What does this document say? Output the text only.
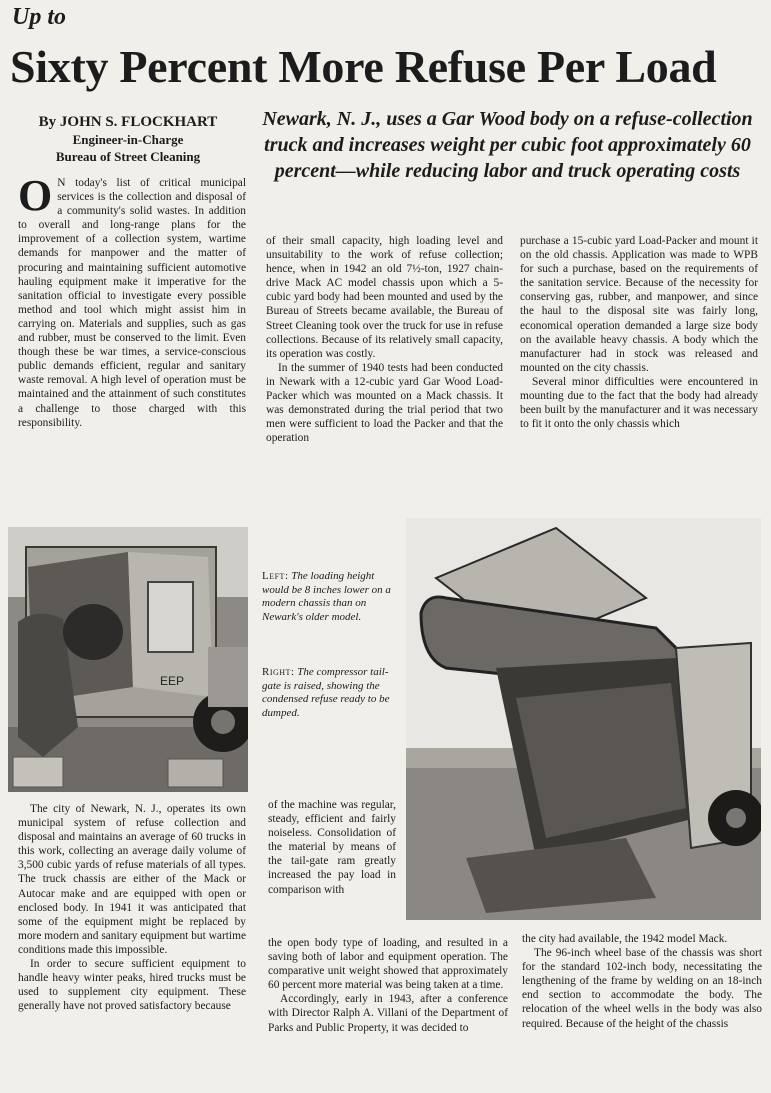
Up to
Sixty Percent More Refuse Per Load
By JOHN S. FLOCKHART
Engineer-in-Charge
Bureau of Street Cleaning
Newark, N. J., uses a Gar Wood body on a refuse-collection truck and increases weight per cubic foot approximately 60 percent—while reducing labor and truck operating costs

O N today's list of critical municipal services is the collection and disposal of a community's solid wastes. In addition to overall and long-range plans for the improvement of a collection system, wartime demands for manpower and the matter of procuring and maintaining sufficient automotive hauling equipment make it imperative for the sanitation official to investigate every possible method and tool which might assist him in carrying on. Materials and supplies, such as gas and rubber, must be conserved to the limit. Even though these be war times, a service-conscious public demands efficient, regular and sanitary waste removal. A high level of operation must be maintained and the attainment of such constitutes a challenge to those charged with this responsibility.

of their small capacity, high loading level and unsuitability to the work of refuse collection; hence, when in 1942 an old 7½-ton, 1927 chain-drive Mack AC model chassis upon which a 5-cubic yard body had been mounted and used by the Bureau of Streets became available, the Bureau of Street Cleaning took over the truck for use in refuse collections. Because of its relatively small capacity, its operation was costly.

In the summer of 1940 tests had been conducted in Newark with a 12-cubic yard Gar Wood Load-Packer which was mounted on a Mack chassis. It was demonstrated during the trial period that two men were sufficient to load the Packer and that the operation

purchase a 15-cubic yard Load-Packer and mount it on the old chassis. Application was made to WPB for such a purchase, based on the requirements of the sanitation service. Because of the necessity for conserving gas, rubber, and manpower, and since the haul to the disposal site was fairly long, economical operation demanded a large size body on the available heavy chassis. A body which the manufacturer had in stock was released and mounted on the city chassis.

Several minor difficulties were encountered in mounting due to the fact that the body had already been built by the manufacturer and it was necessary to fit it onto the only chassis which

EEP
Left: The loading height would be 8 inches lower on a modern chassis than on Newark's older model.
Right: The compressor tail-gate is raised, showing the condensed refuse ready to be dumped.

The city of Newark, N. J., operates its own municipal system of refuse collection and disposal and maintains an average of 60 trucks in this work, collecting an average daily volume of 3,500 cubic yards of refuse materials of all types. The truck chassis are either of the Mack or Autocar make and are equipped with open or enclosed body. In 1941 it was anticipated that some of the equipment might be replaced by more modern and sanitary equipment but wartime conditions made this impossible.

In order to secure sufficient equipment to handle heavy winter peaks, hired trucks must be used to supplement city equipment. These generally have not proved satisfactory because

of the machine was regular, steady, efficient and fairly noiseless. Consolidation of the material by means of the tail-gate ram greatly increased the pay load in comparison with

the open body type of loading, and resulted in a saving both of labor and equipment operation. The comparative unit weight showed that approximately 60 percent more material was being taken at a time.

Accordingly, early in 1943, after a conference with Director Ralph A. Villani of the Department of Parks and Public Property, it was decided to

the city had available, the 1942 model Mack.

The 96-inch wheel base of the chassis was short for the standard 102-inch body, necessitating the lengthening of the frame by welding on an 18-inch end section to accommodate the body. The relocation of the wheel wells in the body was also required. Because of the height of the chassis
